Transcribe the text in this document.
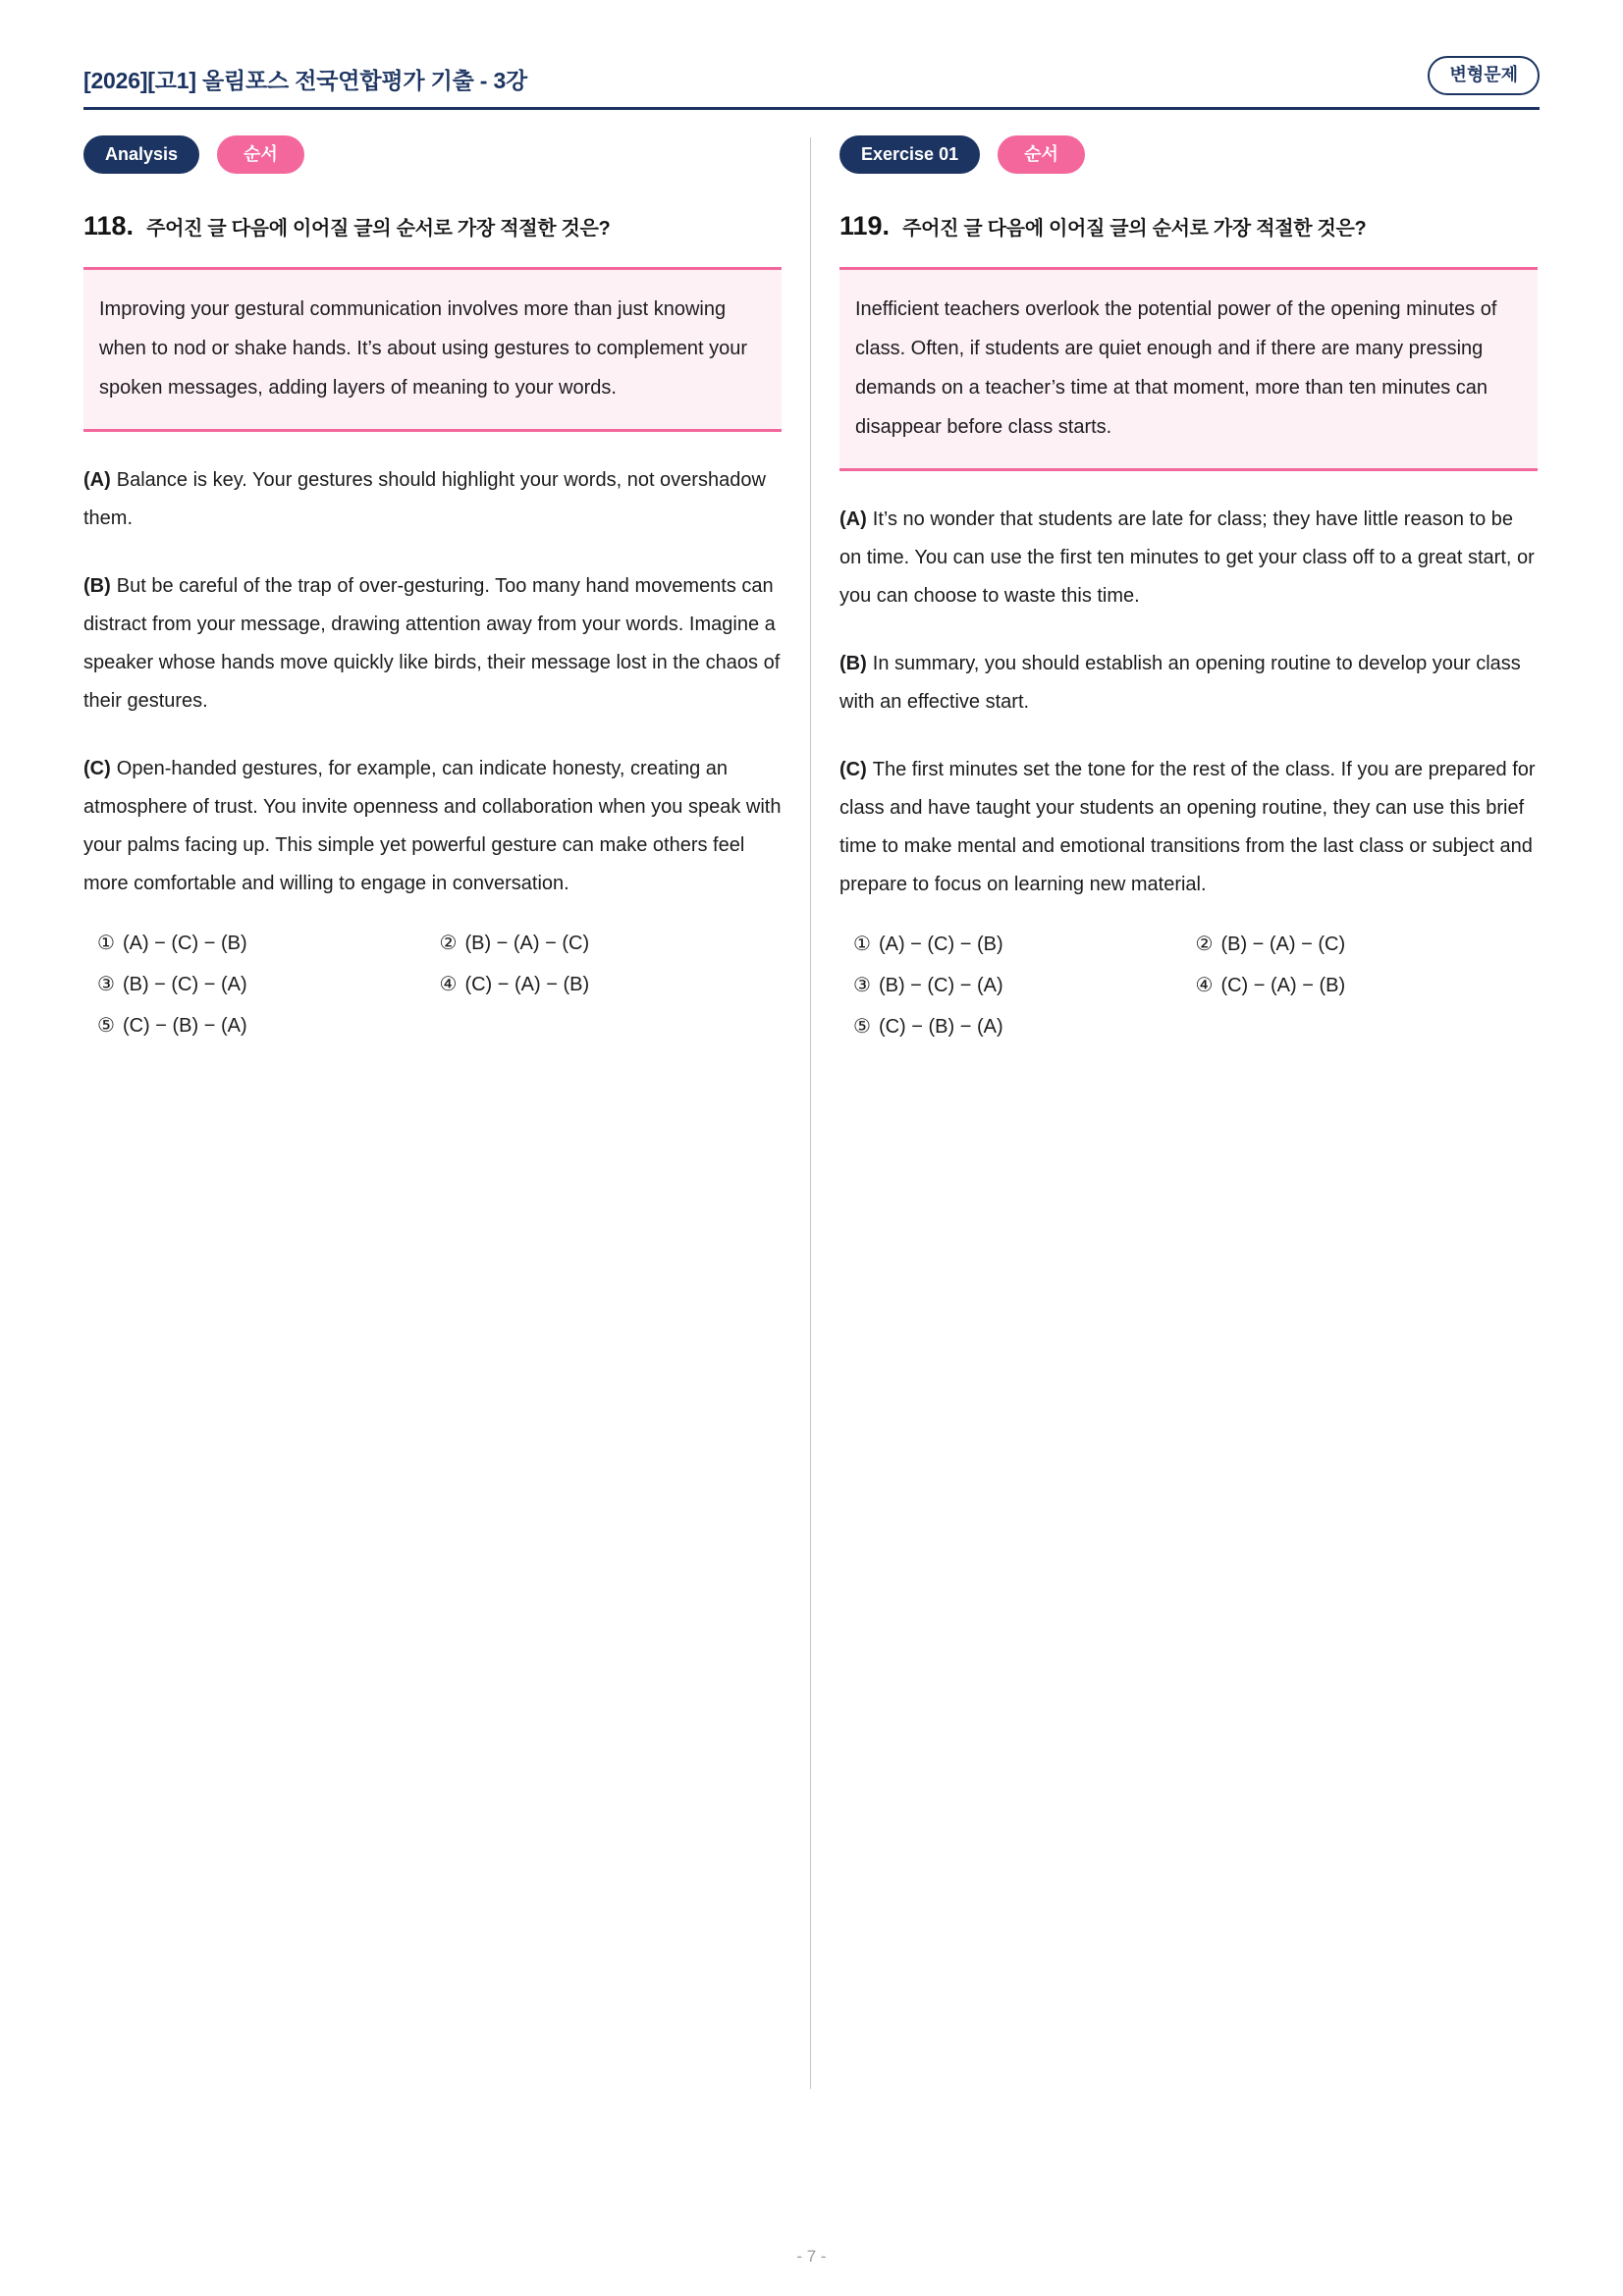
[2026][고1] 올림포스 전국연합평가 기출 - 3강	변형문제
Analysis	순서
118. 주어진 글 다음에 이어질 글의 순서로 가장 적절한 것은?
Improving your gestural communication involves more than just knowing when to nod or shake hands. It’s about using gestures to complement your spoken messages, adding layers of meaning to your words.

(A) Balance is key. Your gestures should highlight your words, not overshadow them.

(B) But be careful of the trap of over-gesturing. Too many hand movements can distract from your message, drawing attention away from your words. Imagine a speaker whose hands move quickly like birds, their message lost in the chaos of their gestures.

(C) Open-handed gestures, for example, can indicate honesty, creating an atmosphere of trust. You invite openness and collaboration when you speak with your palms facing up. This simple yet powerful gesture can make others feel more comfortable and willing to engage in conversation.

① (A) − (C) − (B)	② (B) − (A) − (C)
③ (B) − (C) − (A)	④ (C) − (A) − (B)
⑤ (C) − (B) − (A)
Exercise 01	순서
119. 주어진 글 다음에 이어질 글의 순서로 가장 적절한 것은?
Inefficient teachers overlook the potential power of the opening minutes of class. Often, if students are quiet enough and if there are many pressing demands on a teacher’s time at that moment, more than ten minutes can disappear before class starts.

(A) It’s no wonder that students are late for class; they have little reason to be on time. You can use the first ten minutes to get your class off to a great start, or you can choose to waste this time.

(B) In summary, you should establish an opening routine to develop your class with an effective start.

(C) The first minutes set the tone for the rest of the class. If you are prepared for class and have taught your students an opening routine, they can use this brief time to make mental and emotional transitions from the last class or subject and prepare to focus on learning new material.

① (A) − (C) − (B)	② (B) − (A) − (C)
③ (B) − (C) − (A)	④ (C) − (A) − (B)
⑤ (C) − (B) − (A)
- 7 -
